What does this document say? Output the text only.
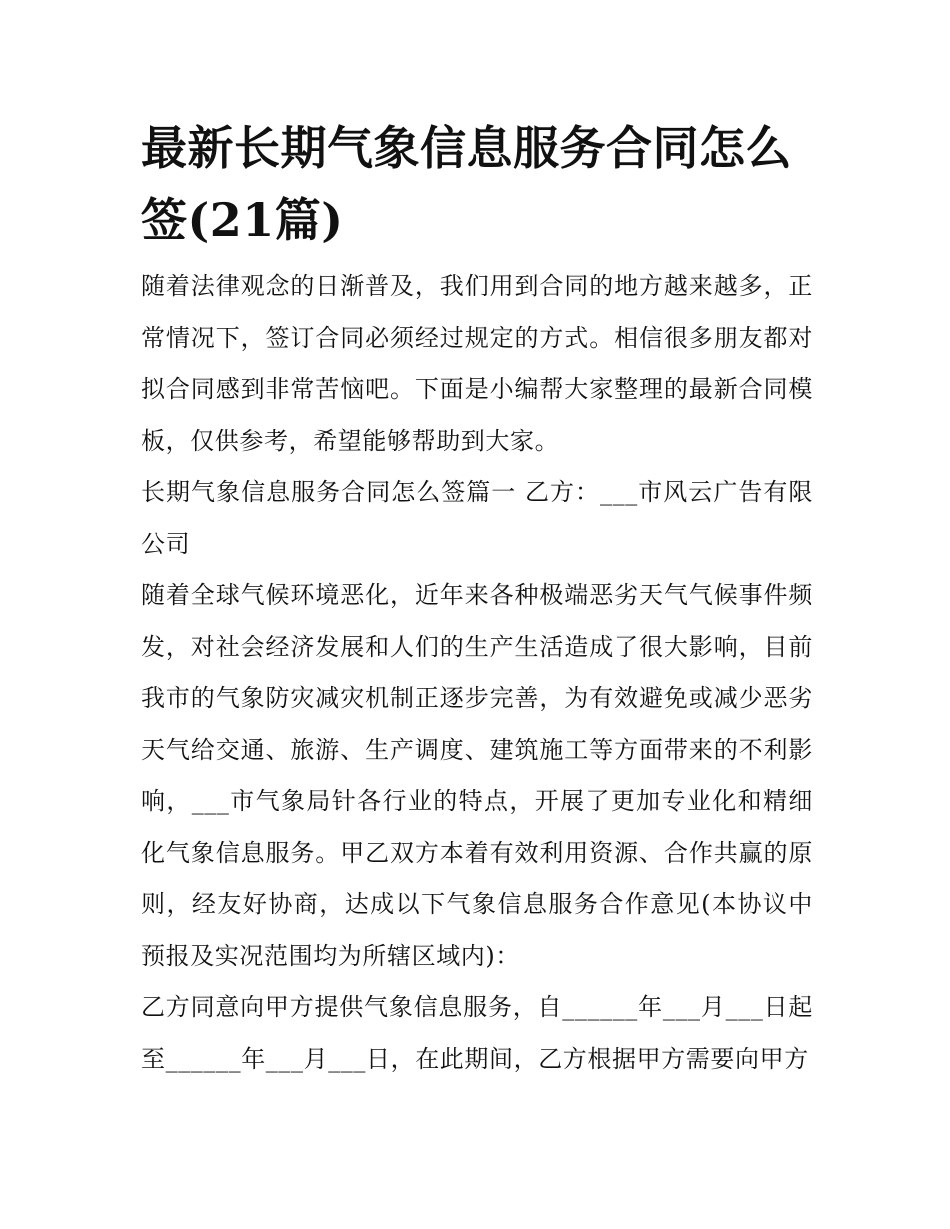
最新长期气象信息服务合同怎么签(21篇)

随着法律观念的日渐普及，我们用到合同的地方越来越多，正常情况下，签订合同必须经过规定的方式。相信很多朋友都对拟合同感到非常苦恼吧。下面是小编帮大家整理的最新合同模板，仅供参考，希望能够帮助到大家。

长期气象信息服务合同怎么签篇一 乙方：___市风云广告有限公司

随着全球气候环境恶化，近年来各种极端恶劣天气气候事件频发，对社会经济发展和人们的生产生活造成了很大影响，目前我市的气象防灾减灾机制正逐步完善，为有效避免或减少恶劣天气给交通、旅游、生产调度、建筑施工等方面带来的不利影响，___市气象局针各行业的特点，开展了更加专业化和精细化气象信息服务。甲乙双方本着有效利用资源、合作共赢的原则，经友好协商，达成以下气象信息服务合作意见(本协议中预报及实况范围均为所辖区域内)：

乙方同意向甲方提供气象信息服务，自______年___月___日起至______年___月___日，在此期间，乙方根据甲方需要向甲方
